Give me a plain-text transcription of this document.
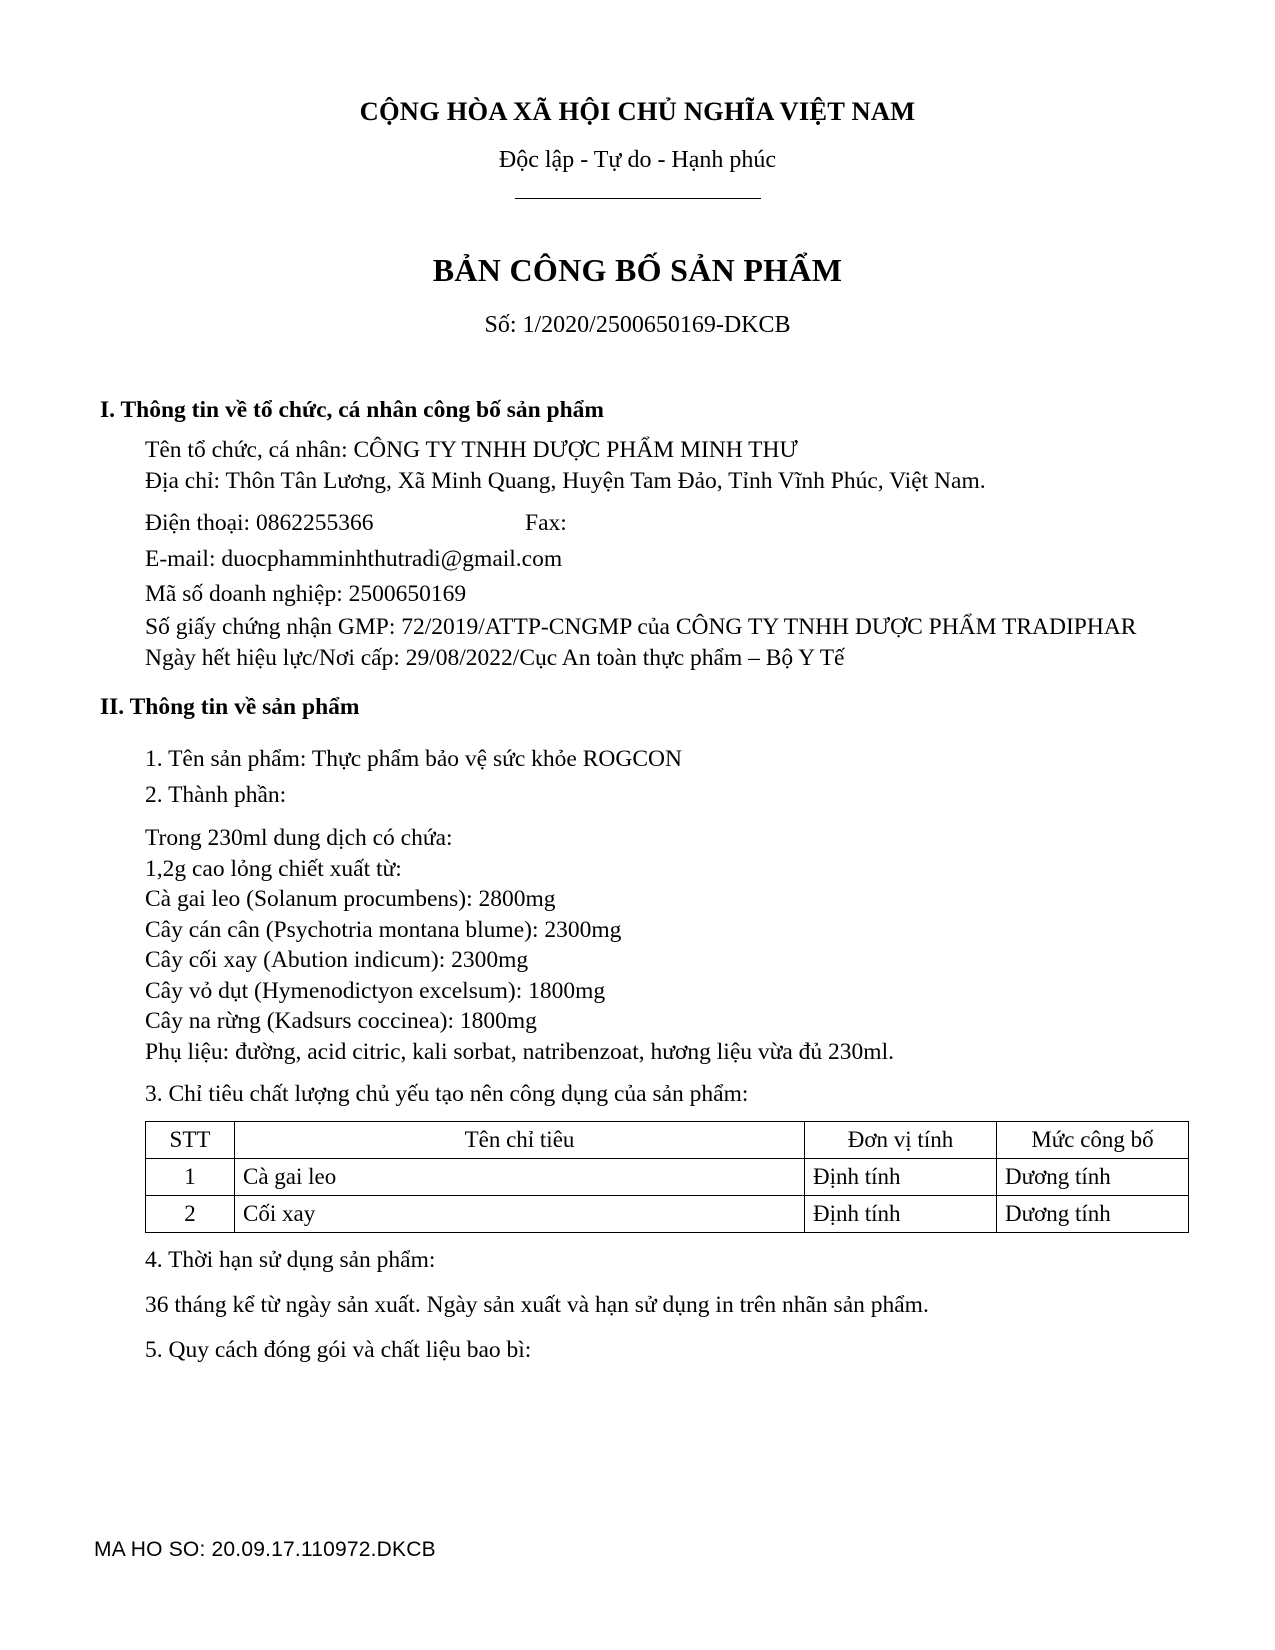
CỘNG HÒA XÃ HỘI CHỦ NGHĨA VIỆT NAM
Độc lập - Tự do - Hạnh phúc
BẢN CÔNG BỐ SẢN PHẨM
Số: 1/2020/2500650169-DKCB
I. Thông tin về tổ chức, cá nhân công bố sản phẩm
Tên tổ chức, cá nhân: CÔNG TY TNHH DƯỢC PHẨM MINH THƯ
Địa chỉ: Thôn Tân Lương, Xã Minh Quang, Huyện Tam Đảo, Tỉnh Vĩnh Phúc, Việt Nam.
Điện thoại: 0862255366	Fax:
E-mail: duocphamminhthutradi@gmail.com
Mã số doanh nghiệp: 2500650169
Số giấy chứng nhận GMP: 72/2019/ATTP-CNGMP của CÔNG TY TNHH DƯỢC PHẨM TRADIPHAR
Ngày hết hiệu lực/Nơi cấp: 29/08/2022/Cục An toàn thực phẩm – Bộ Y Tế
II. Thông tin về sản phẩm
1. Tên sản phẩm: Thực phẩm bảo vệ sức khỏe ROGCON
2. Thành phần:
Trong 230ml dung dịch có chứa:
1,2g cao lỏng chiết xuất từ:
Cà gai leo (Solanum procumbens): 2800mg
Cây cán cân (Psychotria montana blume): 2300mg
Cây cối xay (Abution indicum): 2300mg
Cây vỏ dụt (Hymenodictyon excelsum): 1800mg
Cây na rừng (Kadsurs coccinea): 1800mg
Phụ liệu: đường, acid citric, kali sorbat, natribenzoat, hương liệu vừa đủ 230ml.
3. Chỉ tiêu chất lượng chủ yếu tạo nên công dụng của sản phẩm:
STT	Tên chỉ tiêu	Đơn vị tính	Mức công bố
1	Cà gai leo	Định tính	Dương tính
2	Cối xay	Định tính	Dương tính
4. Thời hạn sử dụng sản phẩm:
36 tháng kể từ ngày sản xuất. Ngày sản xuất và hạn sử dụng in trên nhãn sản phẩm.
5. Quy cách đóng gói và chất liệu bao bì:
MA HO SO: 20.09.17.110972.DKCB
